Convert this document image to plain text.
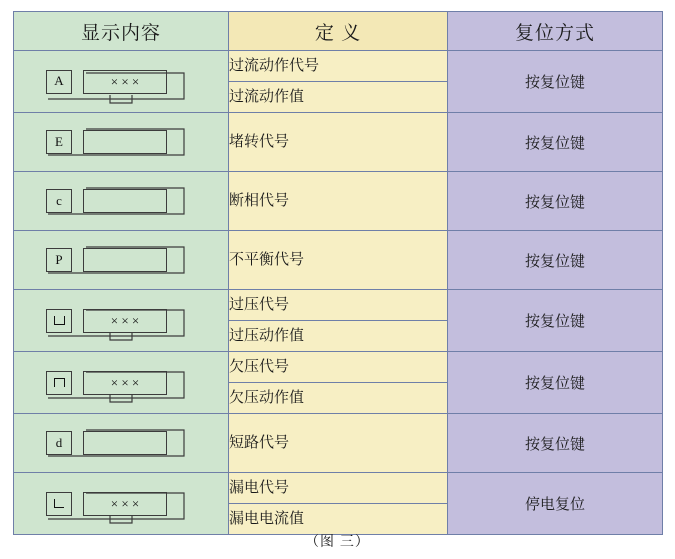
显示内容	定 义	复位方式

A × × ×	过流动作代号	按复位键
	过流动作值	

E	堵转代号	按复位键

c	断相代号	按复位键

P	不平衡代号	按复位键

× × ×	过压代号	按复位键
	过压动作值	

× × ×	欠压代号	按复位键
	欠压动作值	

d	短路代号	按复位键

× × ×	漏电代号	停电复位
	漏电电流值	
（图 三）
